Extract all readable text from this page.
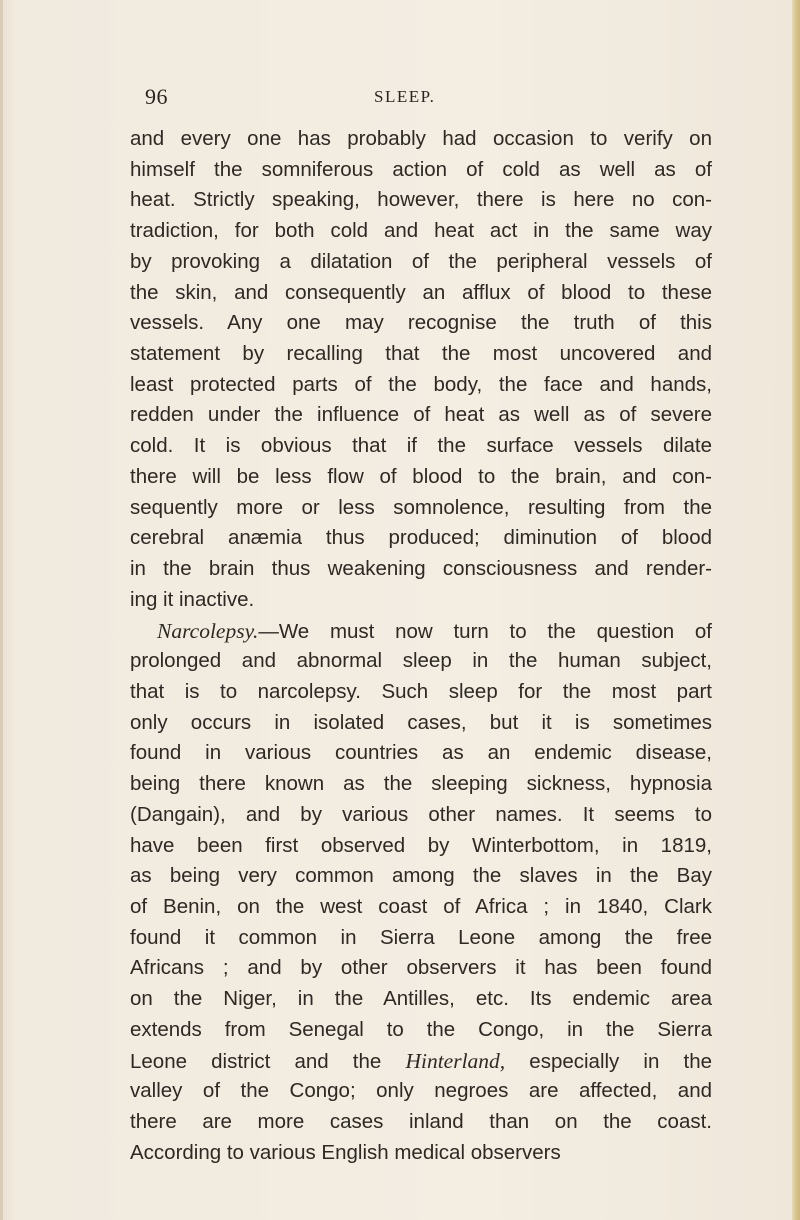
96	SLEEP.
and every one has probably had occasion to verify on
himself the somniferous action of cold as well as of
heat. Strictly speaking, however, there is here no con-
tradiction, for both cold and heat act in the same way
by provoking a dilatation of the peripheral vessels of
the skin, and consequently an afflux of blood to these
vessels. Any one may recognise the truth of this
statement by recalling that the most uncovered and
least protected parts of the body, the face and hands,
redden under the influence of heat as well as of severe
cold. It is obvious that if the surface vessels dilate
there will be less flow of blood to the brain, and con-
sequently more or less somnolence, resulting from the
cerebral anæmia thus produced; diminution of blood
in the brain thus weakening consciousness and render-
ing it inactive.
Narcolepsy.—We must now turn to the question of
prolonged and abnormal sleep in the human subject,
that is to narcolepsy. Such sleep for the most part
only occurs in isolated cases, but it is sometimes
found in various countries as an endemic disease,
being there known as the sleeping sickness, hypnosia
(Dangain), and by various other names. It seems to
have been first observed by Winterbottom, in 1819,
as being very common among the slaves in the Bay
of Benin, on the west coast of Africa ; in 1840, Clark
found it common in Sierra Leone among the free
Africans ; and by other observers it has been found
on the Niger, in the Antilles, etc. Its endemic area
extends from Senegal to the Congo, in the Sierra
Leone district and the Hinterland, especially in the
valley of the Congo; only negroes are affected, and
there are more cases inland than on the coast.
According to various English medical observers
